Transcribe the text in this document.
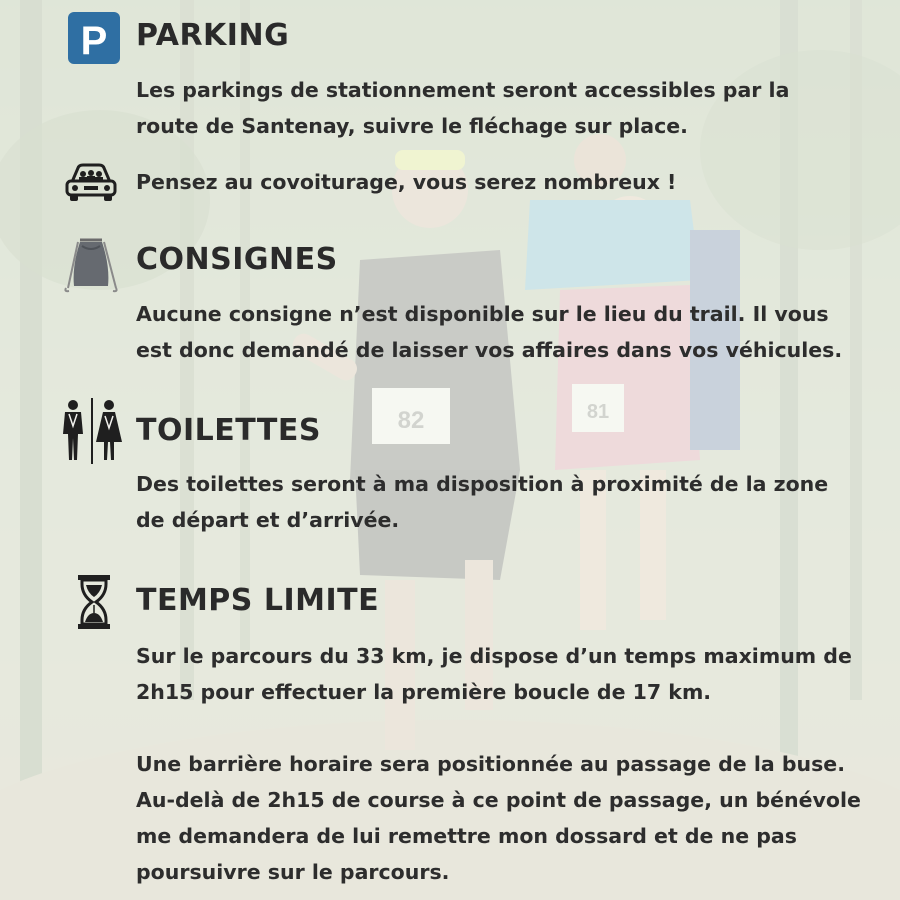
P PARKING

Les parkings de stationnement seront accessibles par la

route de Santenay, suivre le fléchage sur place.

Pensez au covoiturage, vous serez nombreux !

CONSIGNES

Aucune consigne n’est disponible sur le lieu du trail. Il vous

est donc demandé de laisser vos affaires dans vos véhicules.

TOILETTES

Des toilettes seront à ma disposition à proximité de la zone

de départ et d’arrivée.

TEMPS LIMITE

Sur le parcours du 33 km, je dispose d’un temps maximum de

2h15 pour effectuer la première boucle de 17 km.

Une barrière horaire sera positionnée au passage de la buse.

Au-delà de 2h15 de course à ce point de passage, un bénévole

me demandera de lui remettre mon dossard et de ne pas

poursuivre sur le parcours.
